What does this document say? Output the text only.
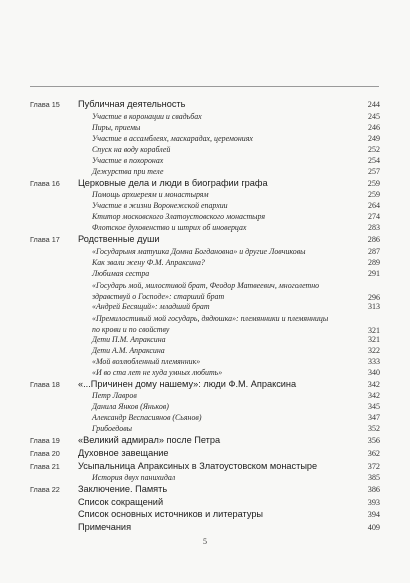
Глава 15	Публичная деятельность	244
Участие в коронации и свадьбах	245
Пиры, приемы	246
Участие в ассамблеях, маскарадах, церемониях	249
Спуск на воду кораблей	252
Участие в похоронах	254
Дежурства при теле	257
Глава 16	Церковные дела и люди в биографии графа	259
Помощь архиереям и монастырям	259
Участие в жизни Воронежской епархии	264
Ктитор московского Златоустовского монастыря	274
Флотское духовенство и штрих об иноверцах	283
Глава 17	Родственные души	286
«Государыня матушка Домна Богдановна» и другие Ловчиковы	287
Как звали жену Ф.М. Апраксина?	289
Любимая сестра	291
«Государь мой, милостивой брат, Феодор Матвеевич, многолетно здравствуй о Господе»: старший брат	296
«Андрей Бесящий»: младший брат	313
«Премилостивый мой государь, дядюшка»: племянники и племянницы по крови и по свойству	321
Дети П.М. Апраксина	321
Дети А.М. Апраксина	322
«Мой возлюбленный племянник»	333
«И во ста лет не худа умных любить»	340
Глава 18	«...Причинен дому нашему»: люди Ф.М. Апраксина	342
Петр Лавров	342
Данила Янков (Яньков)	345
Александр Веспасиянов (Сьянов)	347
Грибоедовы	352
Глава 19	«Великий адмирал» после Петра	356
Глава 20	Духовное завещание	362
Глава 21	Усыпальница Апраксиных в Златоустовском монастыре	372
История двух панихидал	385
Глава 22	Заключение. Память	386
Список сокращений	393
Список основных источников и литературы	394
Примечания	409
5
